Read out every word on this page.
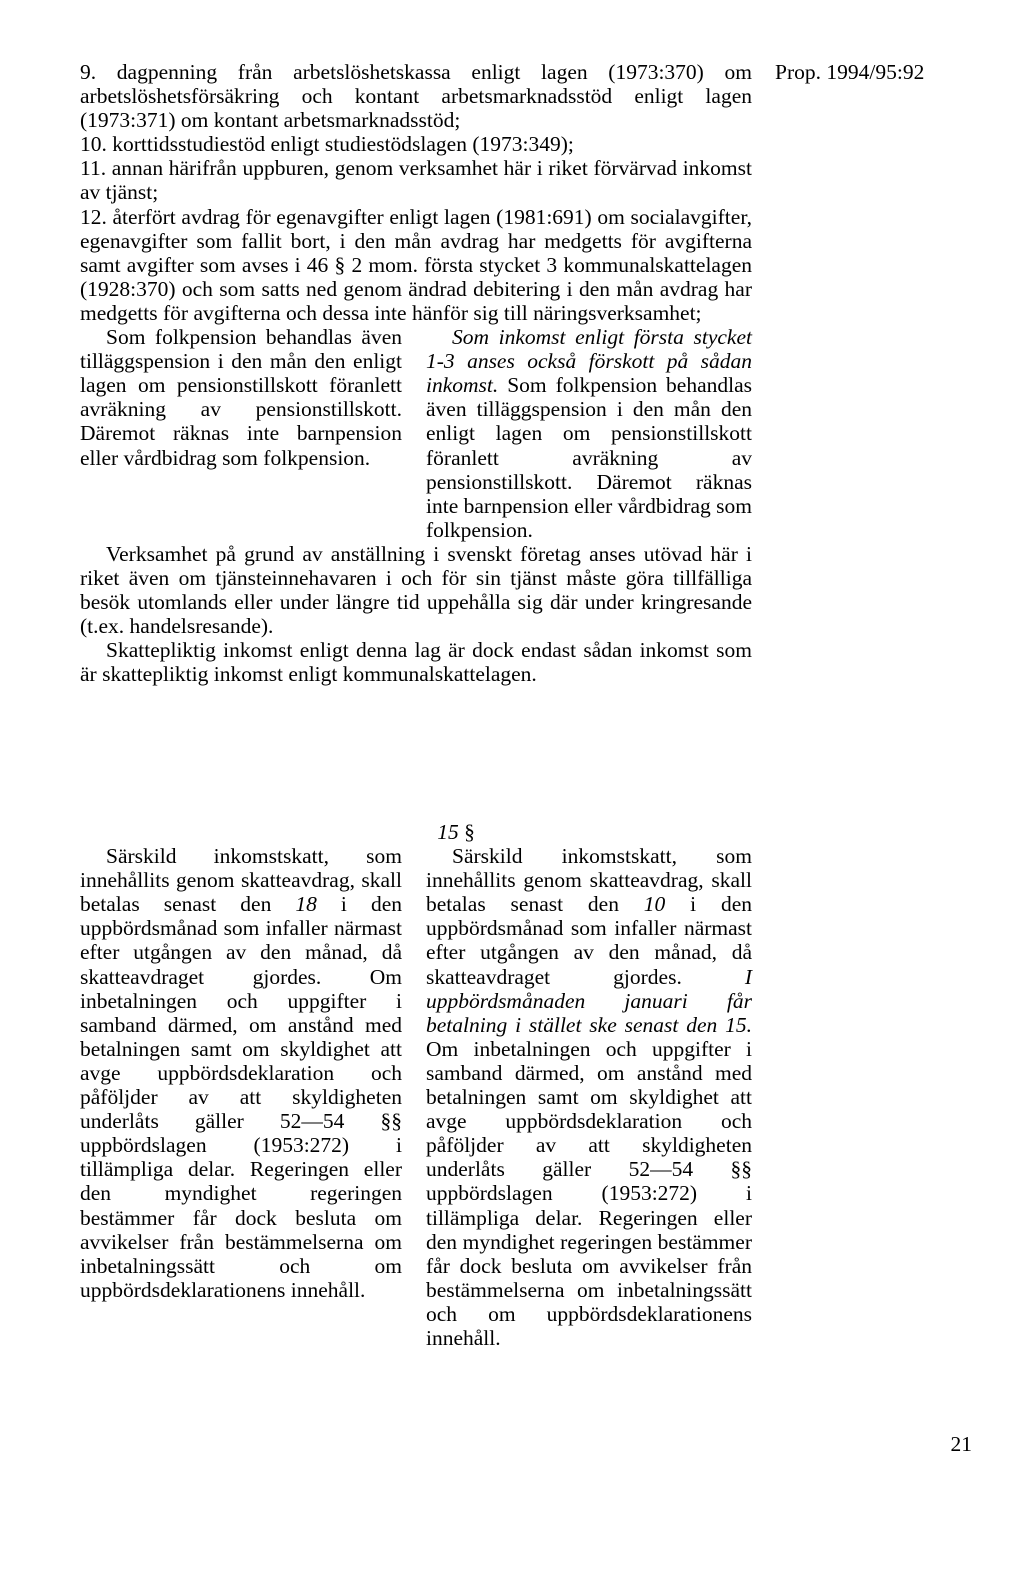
Prop. 1994/95:92

9. dagpenning från arbetslöshetskassa enligt lagen (1973:370) om arbetslöshetsförsäkring och kontant arbetsmarknadsstöd enligt lagen (1973:371) om kontant arbetsmarknadsstöd;

10. korttidsstudiestöd enligt studiestödslagen (1973:349);

11. annan härifrån uppburen, genom verksamhet här i riket förvärvad inkomst av tjänst;

12. återfört avdrag för egenavgifter enligt lagen (1981:691) om socialavgifter, egenavgifter som fallit bort, i den mån avdrag har medgetts för avgifterna samt avgifter som avses i 46 § 2 mom. första stycket 3 kommunalskattelagen (1928:370) och som satts ned genom ändrad debitering i den mån avdrag har medgetts för avgifterna och dessa inte hänför sig till näringsverksamhet;

Som folkpension behandlas även tilläggspension i den mån den enligt lagen om pensionstillskott föranlett avräkning av pensionstillskott. Däremot räknas inte barnpension eller vårdbidrag som folkpension.

Som inkomst enligt första stycket 1-3 anses också förskott på sådan inkomst. Som folkpension behandlas även tilläggspension i den mån den enligt lagen om pensionstillskott föranlett avräkning av pensionstillskott. Däremot räknas inte barnpension eller vårdbidrag som folkpension.

Verksamhet på grund av anställning i svenskt företag anses utövad här i riket även om tjänsteinnehavaren i och för sin tjänst måste göra tillfälliga besök utomlands eller under längre tid uppehålla sig där under kringresande (t.ex. handelsresande).

Skattepliktig inkomst enligt denna lag är dock endast sådan inkomst som är skattepliktig inkomst enligt kommunalskattelagen.

15 §

Särskild inkomstskatt, som innehållits genom skatteavdrag, skall betalas senast den 18 i den uppbördsmånad som infaller närmast efter utgången av den månad, då skatteavdraget gjordes. Om inbetalningen och uppgifter i samband därmed, om anstånd med betalningen samt om skyldighet att avge uppbördsdeklaration och påföljder av att skyldigheten underlåts gäller 52—54 §§ uppbördslagen (1953:272) i tillämpliga delar. Regeringen eller den myndighet regeringen bestämmer får dock besluta om avvikelser från bestämmelserna om inbetalningssätt och om uppbördsdeklarationens innehåll.

Särskild inkomstskatt, som innehållits genom skatteavdrag, skall betalas senast den 10 i den uppbördsmånad som infaller närmast efter utgången av den månad, då skatteavdraget gjordes. I uppbördsmånaden januari får betalning i stället ske senast den 15. Om inbetalningen och uppgifter i samband därmed, om anstånd med betalningen samt om skyldighet att avge uppbördsdeklaration och påföljder av att skyldigheten underlåts gäller 52—54 §§ uppbördslagen (1953:272) i tillämpliga delar. Regeringen eller den myndighet regeringen bestämmer får dock besluta om avvikelser från bestämmelserna om inbetalningssätt och om uppbördsdeklarationens innehåll.

21
